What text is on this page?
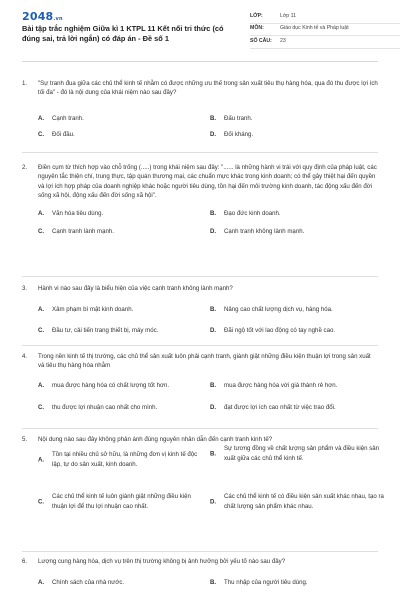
2048.vn
Bài tập trắc nghiệm Giữa kì 1 KTPL 11 Kết nối tri thức (có đúng sai, trả lời ngắn) có đáp án - Đề số 1
LỚP:	Lớp 11
MÔN:	Giáo dục Kinh tế và Pháp luật
SỐ CÂU:	23
1. "Sự tranh đua giữa các chủ thể kinh tế nhằm có được những ưu thế trong sản xuất tiêu thụ hàng hóa, qua đó thu được lợi ích tối đa" - đó là nội dung của khái niệm nào sau đây?
A. Cạnh tranh.	B. Đấu tranh.
C. Đối đầu.	D. Đối kháng.
2. Điền cụm từ thích hợp vào chỗ trống (.....) trong khái niệm sau đây: "...... là những hành vi trái với quy định của pháp luật, các nguyên tắc thiện chí, trung thực, tập quán thương mại, các chuẩn mực khác trong kinh doanh; có thể gây thiệt hại đến quyền và lợi ích hợp pháp của doanh nghiệp khác hoặc người tiêu dùng, tồn hại đến môi trường kinh doanh, tác động xấu đến đời sống xã hội, động xấu đến đời sống xã hội".
A. Văn hóa tiêu dùng.	B. Đạo đức kinh doanh.
C. Cạnh tranh lành mạnh.	D. Cạnh tranh không lành mạnh.
3. Hành vi nào sau đây là biểu hiện của việc cạnh tranh không lành mạnh?
A. Xâm phạm bí mật kinh doanh.	B. Nâng cao chất lượng dịch vụ, hàng hóa.
C. Đầu tư, cải tiến trang thiết bị, máy móc.	D. Đãi ngộ tốt với lao động có tay nghề cao.
4. Trong nền kinh tế thị trường, các chủ thể sản xuất luôn phải cạnh tranh, giành giật những điều kiện thuận lợi trong sản xuất và tiêu thụ hàng hóa nhằm
A. mua được hàng hóa có chất lượng tốt hơn.	B. mua được hàng hóa với giá thành rẻ hơn.
C. thu được lợi nhuận cao nhất cho mình.	D. đạt được lợi ích cao nhất từ việc trao đổi.
5. Nội dung nào sau đây không phản ánh đúng nguyên nhân dẫn đến cạnh tranh kinh tế?
A.
Tồn tại nhiều chủ sở hữu, là những đơn vị kinh tế độc lập, tự do sản xuất, kinh doanh.
B.
Sự tương đồng về chất lượng sản phẩm và điều kiện sản xuất giữa các chủ thể kinh tế.
C.
Các chủ thể kinh tế luôn giành giật những điều kiện thuận lợi để thu lợi nhuận cao nhất.
D.
Các chủ thể kinh tế có điều kiện sản xuất khác nhau, tạo ra chất lượng sản phẩm khác nhau.
6. Lượng cung hàng hóa, dịch vụ trên thị trường không bị ảnh hưởng bởi yếu tố nào sau đây?
A. Chính sách của nhà nước.	B. Thu nhập của người tiêu dùng.
